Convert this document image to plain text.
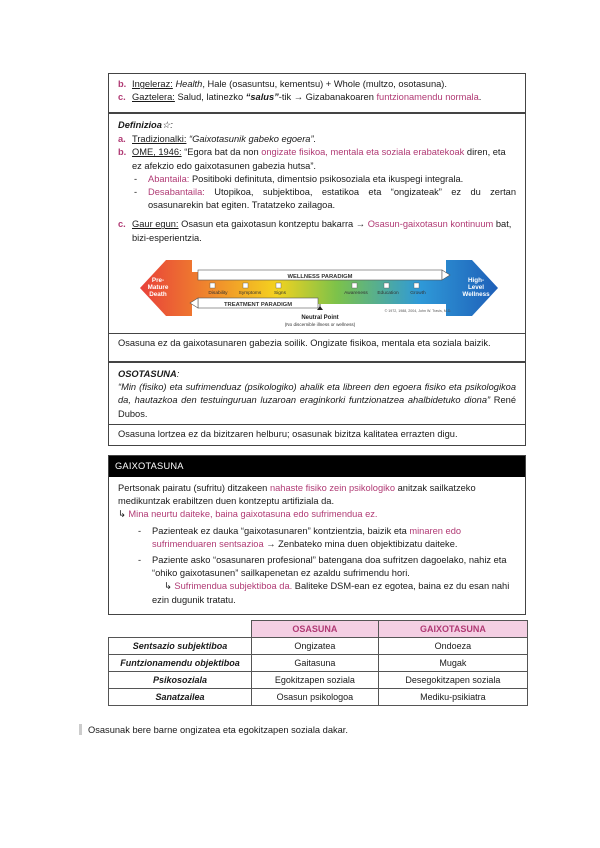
b. Ingeleraz: Health, Hale (osasuntsu, kementsu) + Whole (multzo, osotasuna).

c. Gaztelera: Salud, latinezko “salus”-tik → Gizabanakoaren funtzionamendu normala.

Definizioa☆:

a. Tradizionalki: “Gaixotasunik gabeko egoera”.

b. OME, 1946: “Egora bat da non ongizate fisikoa, mentala eta soziala erabatekoak diren, eta ez afekzio edo gaixotasunen gabezia hutsa”.
-	Abantaila: Positiboki definituta, dimentsio psikosoziala eta ikuspegi integrala.
-	Desabantaila: Utopikoa, subjektiboa, estatikoa eta “ongizateak” ez du zertan osasunarekin bat egiten. Tratatzeko zailagoa.
c. Gaur egun: Osasun eta gaixotasun kontzeptu bakarra → Osasun-gaixotasun kontinuum bat, bizi-esperientzia.
WELLNESS PARADIGM
TREATMENT PARADIGM
Pre-
Mature
Death
High-
Level
Wellness
Disability Symptoms	Signs	Awareness Education Growth
Neutral Point
(No discernible illness or wellness)
© 1972, 1988, 2004, John W. Travis, M.D.

Osasuna ez da gaixotasunaren gabezia soilik. Ongizate fisikoa, mentala eta soziala baizik.

OSOTASUNA:

“Min (fisiko) eta sufrimenduaz (psikologiko) ahalik eta libreen den egoera fisiko eta psikologikoa da, hautazkoa den testuinguruan luzaroan eraginkorki funtzionatzea ahalbidetuko diona” René Dubos.

Osasuna lortzea ez da bizitzaren helburu; osasunak bizitza kalitatea errazten digu.

GAIXOTASUNA

Pertsonak pairatu (sufritu) ditzakeen nahaste fisiko zein psikologiko anitzak sailkatzeko medikuntzak erabiltzen duen kontzeptu artifiziala da.

↳ Mina neurtu daiteke, baina gaixotasuna edo sufrimendua ez.

-	Pazienteak ez dauka “gaixotasunaren” kontzientzia, baizik eta minaren edo sufrimenduaren sentsazioa → Zenbateko mina duen objektibizatu daiteke.
-	Paziente asko “osasunaren profesional” batengana doa sufritzen dagoelako, nahiz eta “ohiko gaixotasunen” sailkapenetan ez azaldu sufrimendu hori.
↳ Sufrimendua subjektiboa da. Baliteke DSM-ean ez egotea, baina ez du esan nahi ezin dugunik tratatu.
	OSASUNA	GAIXOTASUNA
Sentsazio subjektiboa	Ongizatea	Ondoeza
Funtzionamendu objektiboa	Gaitasuna	Mugak
Psikosoziala	Egokitzapen soziala	Desegokitzapen soziala
Sanatzailea	Osasun psikologoa	Mediku-psikiatra
Osasunak bere barne ongizatea eta egokitzapen soziala dakar.
